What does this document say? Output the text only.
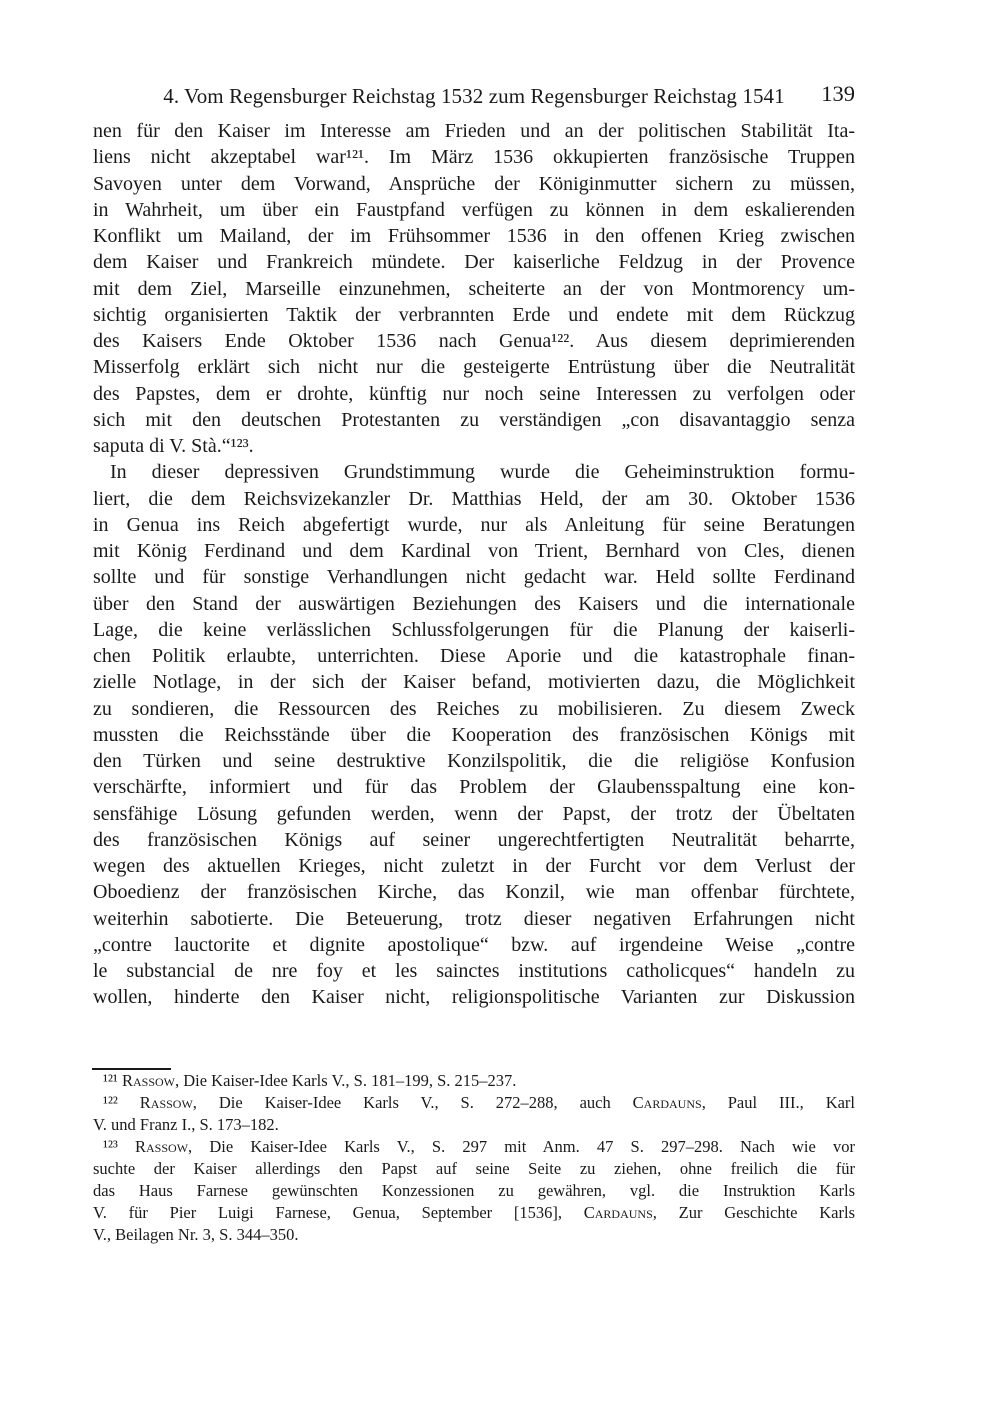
4. Vom Regensburger Reichstag 1532 zum Regensburger Reichstag 1541	139
nen für den Kaiser im Interesse am Frieden und an der politischen Stabilität Ita-
liens nicht akzeptabel war¹²¹. Im März 1536 okkupierten französische Truppen
Savoyen unter dem Vorwand, Ansprüche der Königinmutter sichern zu müssen,
in Wahrheit, um über ein Faustpfand verfügen zu können in dem eskalierenden
Konflikt um Mailand, der im Frühsommer 1536 in den offenen Krieg zwischen
dem Kaiser und Frankreich mündete. Der kaiserliche Feldzug in der Provence
mit dem Ziel, Marseille einzunehmen, scheiterte an der von Montmorency um-
sichtig organisierten Taktik der verbrannten Erde und endete mit dem Rückzug
des Kaisers Ende Oktober 1536 nach Genua¹²². Aus diesem deprimierenden
Misserfolg erklärt sich nicht nur die gesteigerte Entrüstung über die Neutralität
des Papstes, dem er drohte, künftig nur noch seine Interessen zu verfolgen oder
sich mit den deutschen Protestanten zu verständigen „con disavantaggio senza
saputa di V. Stà.“¹²³.
In dieser depressiven Grundstimmung wurde die Geheiminstruktion formu-
liert, die dem Reichsvizekanzler Dr. Matthias Held, der am 30. Oktober 1536
in Genua ins Reich abgefertigt wurde, nur als Anleitung für seine Beratungen
mit König Ferdinand und dem Kardinal von Trient, Bernhard von Cles, dienen
sollte und für sonstige Verhandlungen nicht gedacht war. Held sollte Ferdinand
über den Stand der auswärtigen Beziehungen des Kaisers und die internationale
Lage, die keine verlässlichen Schlussfolgerungen für die Planung der kaiserli-
chen Politik erlaubte, unterrichten. Diese Aporie und die katastrophale finan-
zielle Notlage, in der sich der Kaiser befand, motivierten dazu, die Möglichkeit
zu sondieren, die Ressourcen des Reiches zu mobilisieren. Zu diesem Zweck
mussten die Reichsstände über die Kooperation des französischen Königs mit
den Türken und seine destruktive Konzilspolitik, die die religiöse Konfusion
verschärfte, informiert und für das Problem der Glaubensspaltung eine kon-
sensfähige Lösung gefunden werden, wenn der Papst, der trotz der Übeltaten
des französischen Königs auf seiner ungerechtfertigten Neutralität beharrte,
wegen des aktuellen Krieges, nicht zuletzt in der Furcht vor dem Verlust der
Oboedienz der französischen Kirche, das Konzil, wie man offenbar fürchtete,
weiterhin sabotierte. Die Beteuerung, trotz dieser negativen Erfahrungen nicht
„contre lauctorite et dignite apostolique“ bzw. auf irgendeine Weise „contre
le substancial de nre foy et les sainctes institutions catholicques“ handeln zu
wollen, hinderte den Kaiser nicht, religionspolitische Varianten zur Diskussion
¹²¹ Rassow, Die Kaiser-Idee Karls V., S. 181–199, S. 215–237.
¹²² Rassow, Die Kaiser-Idee Karls V., S. 272–288, auch Cardauns, Paul III., Karl
V. und Franz I., S. 173–182.
¹²³ Rassow, Die Kaiser-Idee Karls V., S. 297 mit Anm. 47 S. 297–298. Nach wie vor
suchte der Kaiser allerdings den Papst auf seine Seite zu ziehen, ohne freilich die für
das Haus Farnese gewünschten Konzessionen zu gewähren, vgl. die Instruktion Karls
V. für Pier Luigi Farnese, Genua, September [1536], Cardauns, Zur Geschichte Karls
V., Beilagen Nr. 3, S. 344–350.
